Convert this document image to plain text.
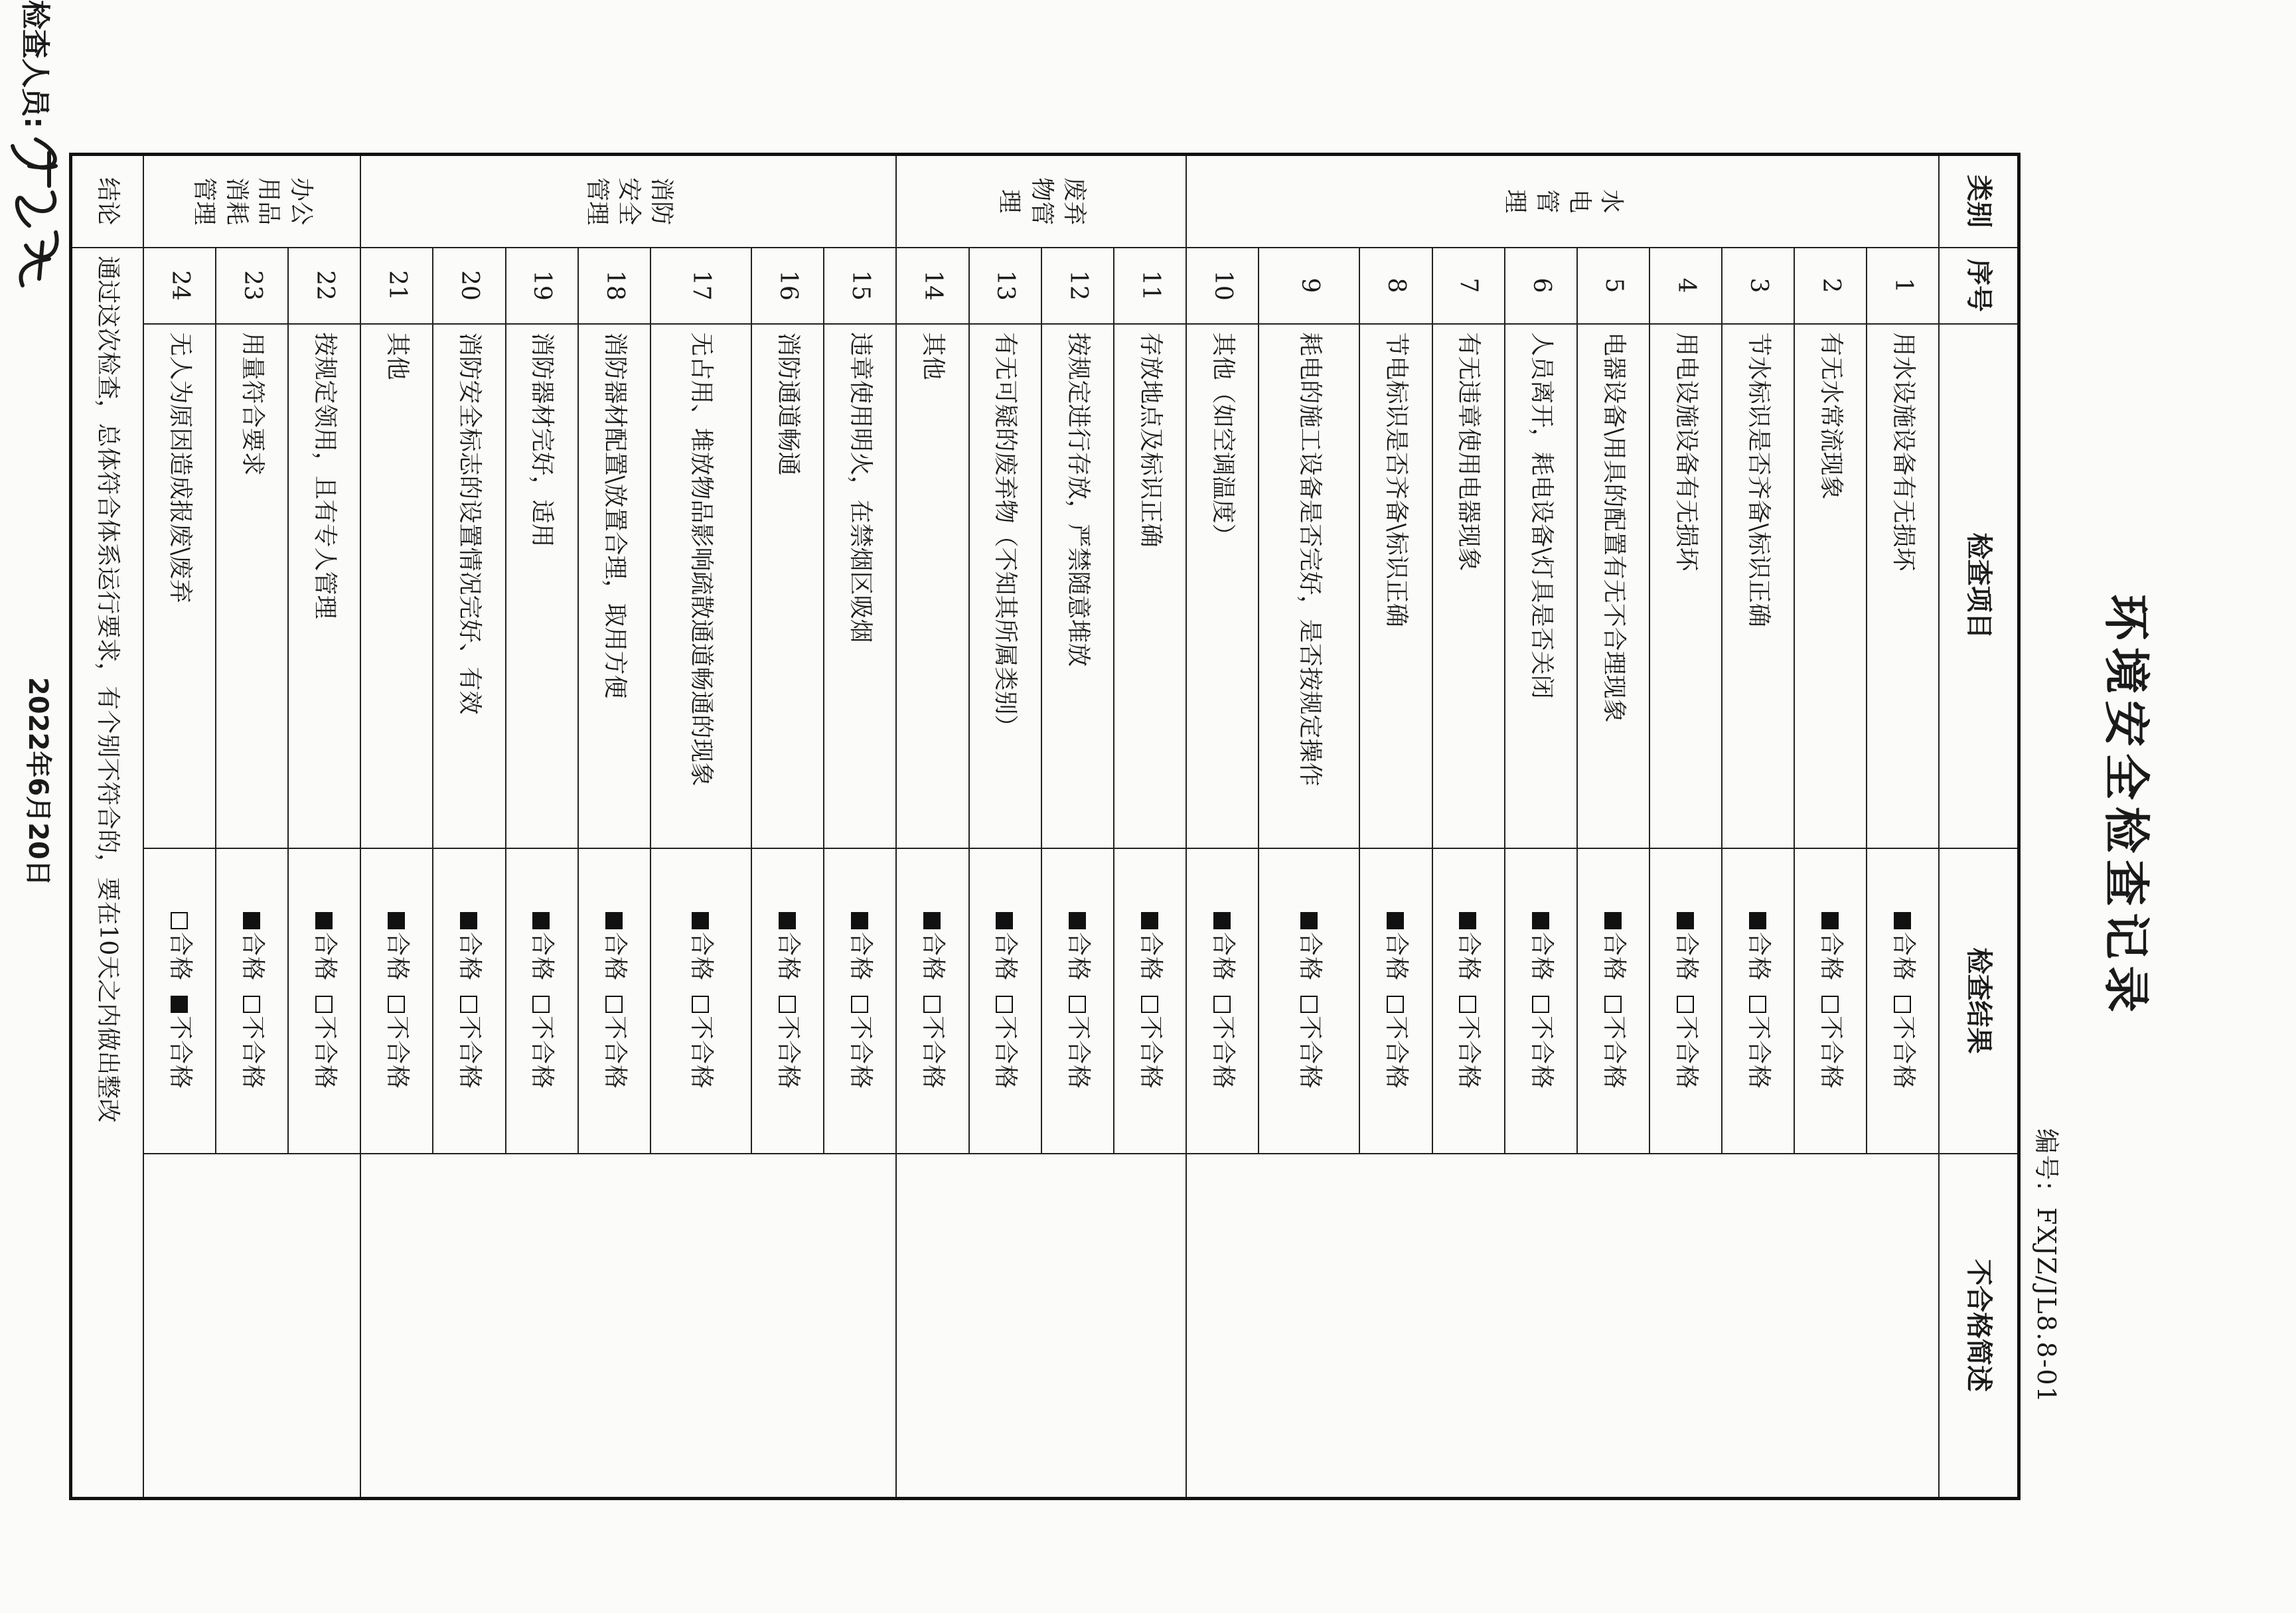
环境安全检查记录
编号:FXJZ/JL8.8-01
类别	序号	检查项目	检查结果	不合格简述

水
电
管
理	1	用水设施设备有无损坏	合格不合格	
	2	有无水常流现象	合格不合格	
	3	节水标识是否齐备\标识正确	合格不合格	
	4	用电设施设备有无损坏	合格不合格	
	5	电器设备\用具的配置有无不合理现象	合格不合格	
	6	人员离开，耗电设备\灯具是否关闭	合格不合格	
	7	有无违章使用电器现象	合格不合格	
	8	节电标识是否齐备\标识正确	合格不合格	
	9	耗电的施工设备是否完好，是否按规定操作	合格不合格	
	10	其他（如空调温度）	合格不合格	

废弃
物管
理	11	存放地点及标识正确	合格不合格	
	12	按规定进行存放，严禁随意堆放	合格不合格	
	13	有无可疑的废弃物（不知其所属类别）	合格不合格	
	14	其他	合格不合格	

消防
安全
管理	15	违章使用明火，在禁烟区吸烟	合格不合格	
	16	消防通道畅通	合格不合格	
	17	无占用、堆放物品影响疏散通道畅通的现象	合格不合格	
	18	消防器材配置\放置合理，取用方便	合格不合格	
	19	消防器材完好，适用	合格不合格	
	20	消防安全标志的设置情况完好、有效	合格不合格	
	21	其他	合格不合格	

办公
用品
消耗
管理	22	按规定领用，且有专人管理	合格不合格	
	23	用量符合要求	合格不合格	
	24	无人为原因造成报废\废弃	合格不合格	
结论	通过这次检查，总体符合体系运行要求，有个别不符合的，要在10天之内做出整改			
检查人员:
2022年6月20日
